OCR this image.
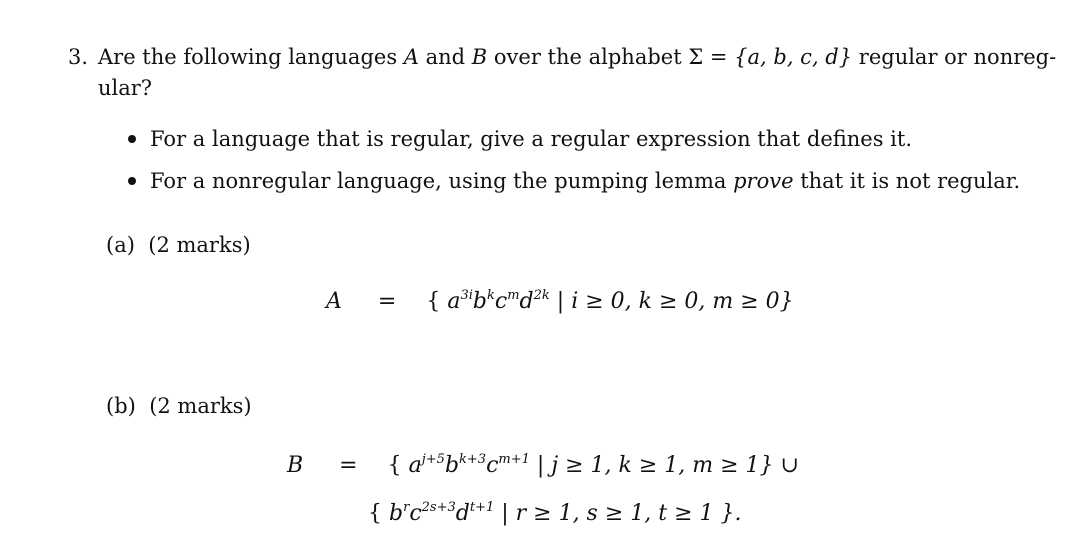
3. Are the following languages A and B over the alphabet Σ = {a, b, c, d} regular or nonreg-
ular?
For a language that is regular, give a regular expression that defines it.
For a nonregular language, using the pumping lemma prove that it is not regular.
(a) (2 marks)
A = { $a^{3i}b^kc^md^{2k}$ | i ≥ 0, k ≥ 0, m ≥ 0}
(b) (2 marks)
B = { $a^{j+5}b^{k+3}c^{m+1}$ | j ≥ 1, k ≥ 1, m ≥ 1} ∪
{ $b^rc^{2s+3}d^{t+1}$ | r ≥ 1, s ≥ 1, t ≥ 1 }.
